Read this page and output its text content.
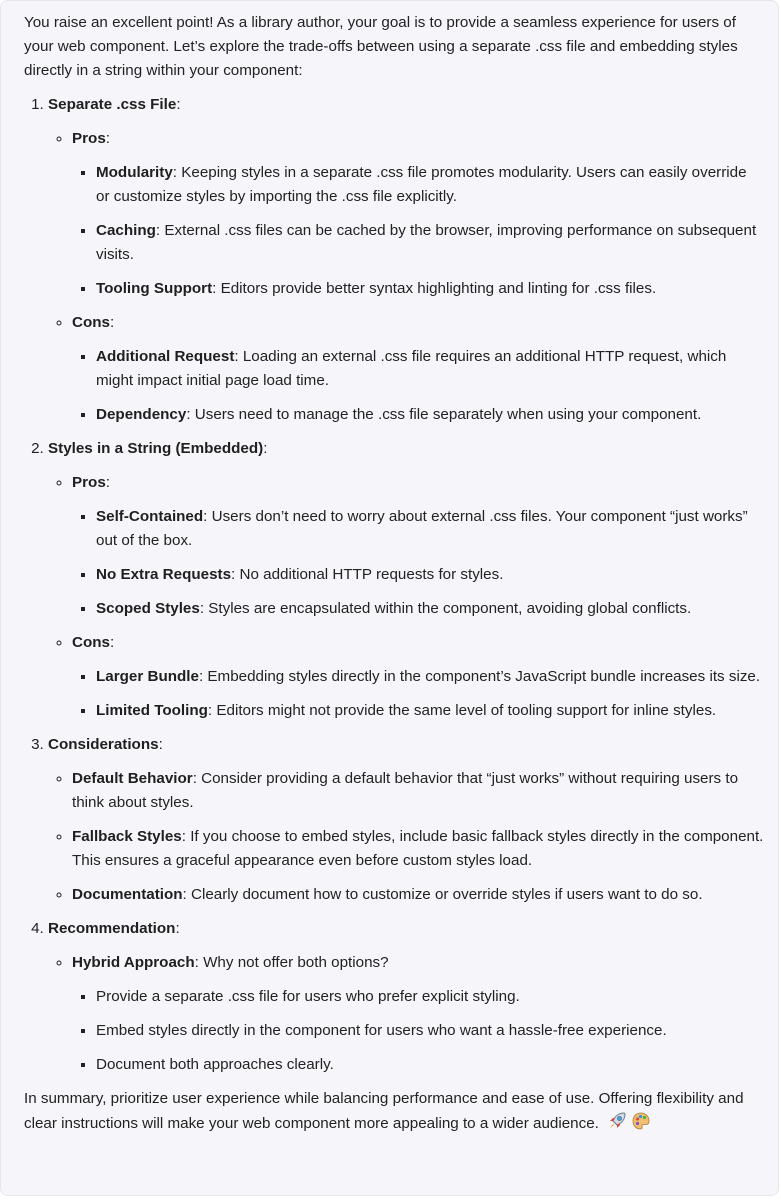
You raise an excellent point! As a library author, your goal is to provide a seamless experience for users of your web component. Let’s explore the trade-offs between using a separate .css file and embedding styles directly in a string within your component:

1. Separate .css File:
◦ Pros:
▪ Modularity: Keeping styles in a separate .css file promotes modularity. Users can easily override or customize styles by importing the .css file explicitly.
▪ Caching: External .css files can be cached by the browser, improving performance on subsequent visits.
▪ Tooling Support: Editors provide better syntax highlighting and linting for .css files.
◦ Cons:
▪ Additional Request: Loading an external .css file requires an additional HTTP request, which might impact initial page load time.
▪ Dependency: Users need to manage the .css file separately when using your component.
2. Styles in a String (Embedded):
◦ Pros:
▪ Self-Contained: Users don’t need to worry about external .css files. Your component “just works” out of the box.
▪ No Extra Requests: No additional HTTP requests for styles.
▪ Scoped Styles: Styles are encapsulated within the component, avoiding global conflicts.
◦ Cons:
▪ Larger Bundle: Embedding styles directly in the component’s JavaScript bundle increases its size.
▪ Limited Tooling: Editors might not provide the same level of tooling support for inline styles.
3. Considerations:
◦ Default Behavior: Consider providing a default behavior that “just works” without requiring users to think about styles.
◦ Fallback Styles: If you choose to embed styles, include basic fallback styles directly in the component. This ensures a graceful appearance even before custom styles load.
◦ Documentation: Clearly document how to customize or override styles if users want to do so.
4. Recommendation:
◦ Hybrid Approach: Why not offer both options?
▪ Provide a separate .css file for users who prefer explicit styling.
▪ Embed styles directly in the component for users who want a hassle-free experience.
▪ Document both approaches clearly.

In summary, prioritize user experience while balancing performance and ease of use. Offering flexibility and clear instructions will make your web component more appealing to a wider audience.
